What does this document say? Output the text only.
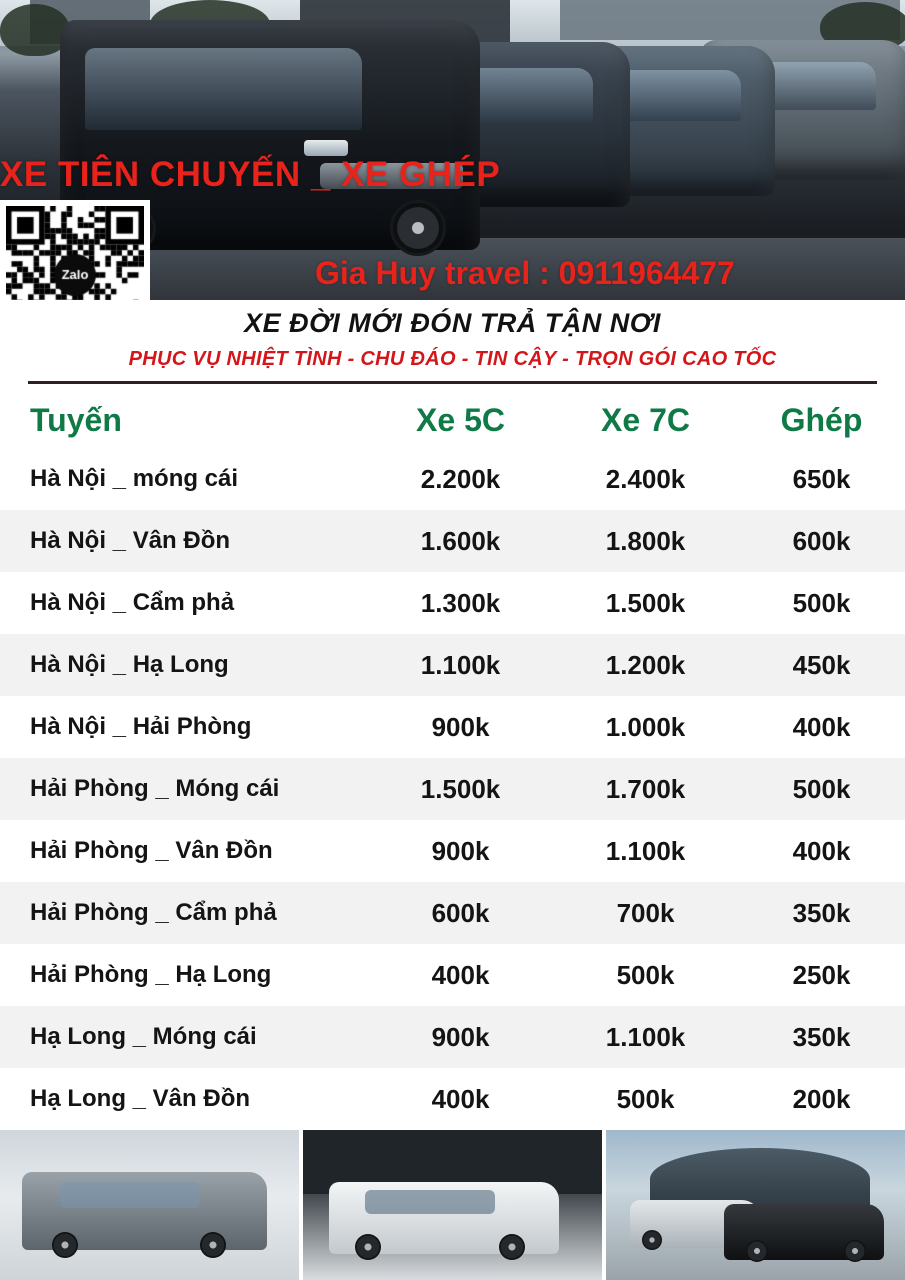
XE TIÊN CHUYẾN _ XE GHÉP
Gia Huy travel : 0911964477
XE ĐỜI MỚI ĐÓN TRẢ TẬN NƠI
PHỤC VỤ NHIỆT TÌNH - CHU ĐÁO - TIN CẬY - TRỌN GÓI CAO TỐC
Tuyến	Xe 5C	Xe 7C	Ghép
Hà Nội _ móng cái	2.200k	2.400k	650k
Hà Nội _ Vân Đồn	1.600k	1.800k	600k
Hà Nội _ Cẩm phả	1.300k	1.500k	500k
Hà Nội _ Hạ Long	1.100k	1.200k	450k
Hà Nội _ Hải Phòng	900k	1.000k	400k
Hải Phòng _ Móng cái	1.500k	1.700k	500k
Hải Phòng _ Vân Đồn	900k	1.100k	400k
Hải Phòng _ Cẩm phả	600k	700k	350k
Hải Phòng _ Hạ Long	400k	500k	250k
Hạ Long _ Móng cái	900k	1.100k	350k
Hạ Long _ Vân Đồn	400k	500k	200k
